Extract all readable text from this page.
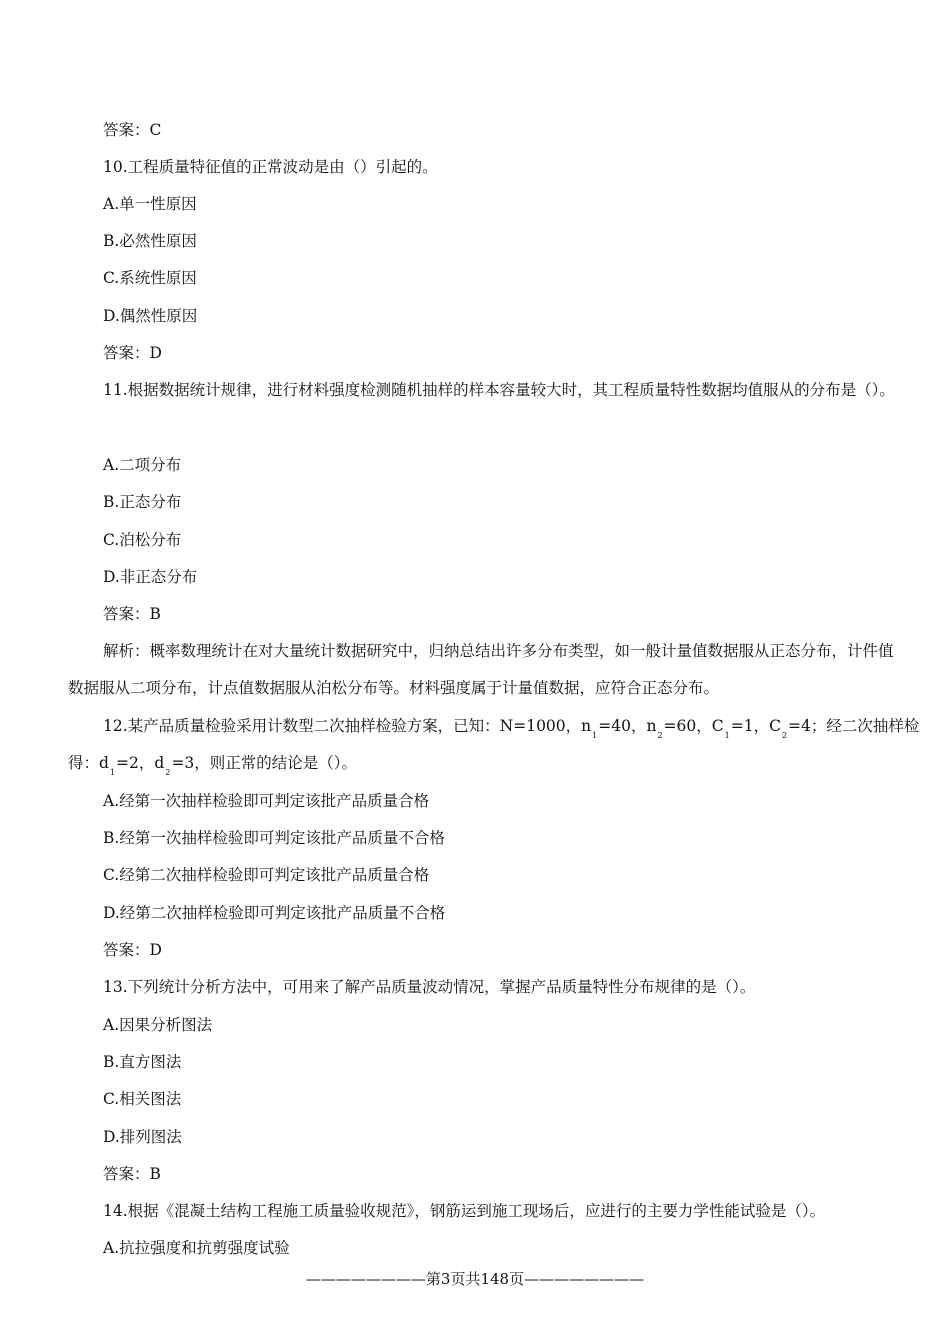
答案：C
10.工程质量特征值的正常波动是由（）引起的。
A.单一性原因
B.必然性原因
C.系统性原因
D.偶然性原因
答案：D
11.根据数据统计规律，进行材料强度检测随机抽样的样本容量较大时，其工程质量特性数据均值服从的分布是（）。
A.二项分布
B.正态分布
C.泊松分布
D.非正态分布
答案：B
解析：概率数理统计在对大量统计数据研究中，归纳总结出许多分布类型，如一般计量值数据服从正态分布，计件值数据服从二项分布，计点值数据服从泊松分布等。材料强度属于计量值数据，应符合正态分布。
12.某产品质量检验采用计数型二次抽样检验方案，已知：N=1000，$n_1=40$，$n_2=60$，$C_1=1$，$C_2=4$；经二次抽样检
得：$d_1=2$，$d_2=3$，则正常的结论是（）。
A.经第一次抽样检验即可判定该批产品质量合格
B.经第一次抽样检验即可判定该批产品质量不合格
C.经第二次抽样检验即可判定该批产品质量合格
D.经第二次抽样检验即可判定该批产品质量不合格
答案：D
13.下列统计分析方法中，可用来了解产品质量波动情况，掌握产品质量特性分布规律的是（）。
A.因果分析图法
B.直方图法
C.相关图法
D.排列图法
答案：B
14.根据《混凝土结构工程施工质量验收规范》，钢筋运到施工现场后，应进行的主要力学性能试验是（）。
A.抗拉强度和抗剪强度试验
————————第3页共148页————————
